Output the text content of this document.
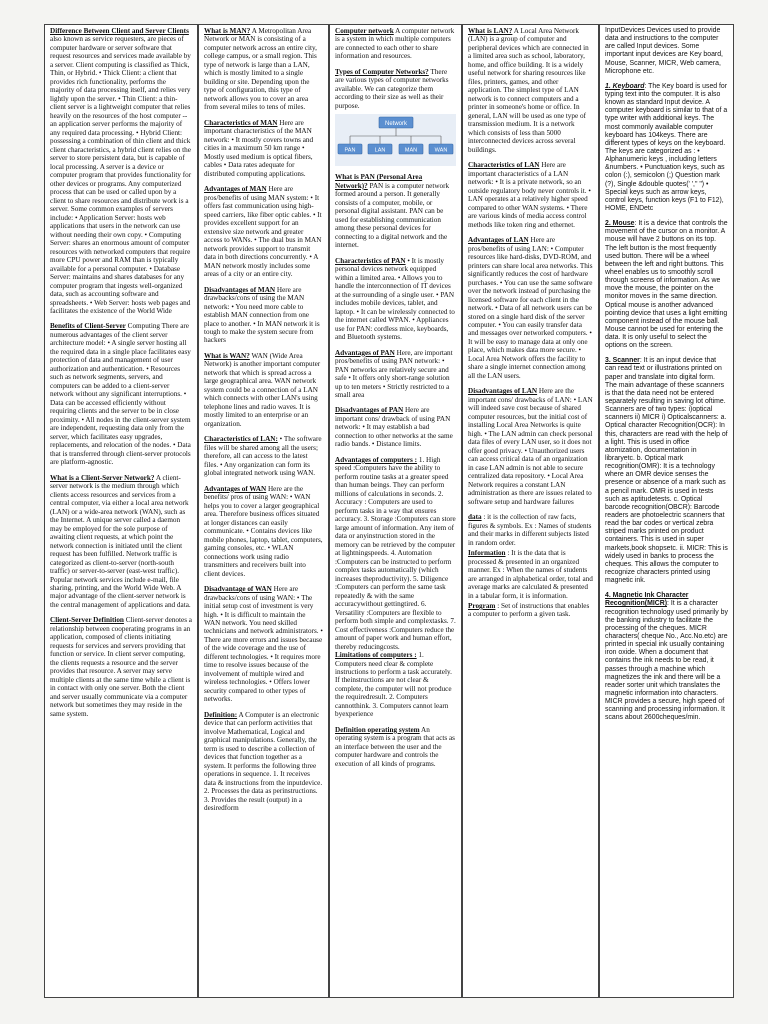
Difference Between Client and Server Clients also known as service requesters, are pieces of computer hardware or server software that request resources and services made available by a server. Client computing is classified as Thick, Thin, or Hybrid. • Thick Client: a client that provides rich functionality, performs the majority of data processing itself, and relies very lightly upon the server. • Thin Client: a thin-client server is a lightweight computer that relies heavily on the resources of the host computer -- an application server performs the majority of any required data processing. • Hybrid Client: possessing a combination of thin client and thick client characteristics, a hybrid client relies on the server to store persistent data, but is capable of local processing. A server is a device or computer program that provides functionality for other devices or programs. Any computerized process that can be used or called upon by a client to share resources and distribute work is a server. Some common examples of servers include: • Application Server: hosts web applications that users in the network can use without needing their own copy. • Computing Server: shares an enormous amount of computer resources with networked computers that require more CPU power and RAM than is typically available for a personal computer. • Database Server: maintains and shares databases for any computer program that ingests well-organized data, such as accounting software and spreadsheets. • Web Server: hosts web pages and facilitates the existence of the World Wide
Benefits of Client-Server Computing There are numerous advantages of the client server architecture model: • A single server hosting all the required data in a single place facilitates easy protection of data and management of user authorization and authentication. • Resources such as network segments, servers, and computers can be added to a client-server network without any significant interruptions. • Data can be accessed efficiently without requiring clients and the server to be in close proximity. • All nodes in the client-server system are independent, requesting data only from the server, which facilitates easy upgrades, replacements, and relocation of the nodes. • Data that is transferred through client-server protocols are platform-agnostic.
What is a Client-Server Network? A client-server network is the medium through which clients access resources and services from a central computer, via either a local area network (LAN) or a wide-area network (WAN), such as the Internet. A unique server called a daemon may be employed for the sole purpose of awaiting client requests, at which point the network connection is initiated until the client request has been fulfilled. Network traffic is categorized as client-to-server (north-south traffic) or server-to-server (east-west traffic). Popular network services include e-mail, file sharing, printing, and the World Wide Web. A major advantage of the client-server network is the central management of applications and data.
Client-Server Definition Client-server denotes a relationship between cooperating programs in an application, composed of clients initiating requests for services and servers providing that function or service. In client server computing, the clients requests a resource and the server provides that resource. A server may serve multiple clients at the same time while a client is in contact with only one server. Both the client and server usually communicate via a computer network but sometimes they may reside in the same system.
What is MAN? A Metropolitan Area Network or MAN is consisting of a computer network across an entire city, college campus, or a small region. This type of network is large than a LAN, which is mostly limited to a single building or site. Depending upon the type of configuration, this type of network allows you to cover an area from several miles to tens of miles.
Characteristics of MAN Here are important characteristics of the MAN network: • It mostly covers towns and cities in a maximum 50 km range • Mostly used medium is optical fibers, cables • Data rates adequate for distributed computing applications.
Advantages of MAN Here are pros/benefits of using MAN system: • It offers fast communication using high-speed carriers, like fiber optic cables. • It provides excellent support for an extensive size network and greater access to WANs. • The dual bus in MAN network provides support to transmit data in both directions concurrently. • A MAN network mostly includes some areas of a city or an entire city.
Disadvantages of MAN Here are drawbacks/cons of using the MAN network: • You need more cable to establish MAN connection from one place to another. • In MAN network it is tough to make the system secure from hackers
What is WAN? WAN (Wide Area Network) is another important computer network that which is spread across a large geographical area. WAN network system could be a connection of a LAN which connects with other LAN's using telephone lines and radio waves. It is mostly limited to an enterprise or an organization.
Characteristics of LAN: • The software files will be shared among all the users; therefore, all can access to the latest files. • Any organization can form its global integrated network using WAN.
Advantages of WAN Here are the benefits/ pros of using WAN: • WAN helps you to cover a larger geographical area. Therefore business offices situated at longer distances can easily communicate. • Contains devices like mobile phones, laptop, tablet, computers, gaming consoles, etc. • WLAN connections work using radio transmitters and receivers built into client devices.
Disadvantage of WAN Here are drawbacks/cons of using WAN: • The initial setup cost of investment is very high. • It is difficult to maintain the WAN network. You need skilled technicians and network administrators. • There are more errors and issues because of the wide coverage and the use of different technologies. • It requires more time to resolve issues because of the involvement of multiple wired and wireless technologies. • Offers lower security compared to other types of networks.
Definition: A Computer is an electronic device that can perform activities that involve Mathematical, Logical and graphical manipulations. Generally, the term is used to describe a collection of devices that function together as a system. It performs the following three operations in sequence. 1. It receives data & instructions from the inputdevice. 2. Processes the data as perinstructions. 3. Provides the result (output) in a desiredform
Computer network A computer network is a system in which multiple computers are connected to each other to share information and resources.
Types of Computer Networks? There are various types of computer networks available. We can categorize them according to their size as well as their purpose.
Network
PAN	LAN	MAN	WAN
What is PAN (Personal Area Network)? PAN is a computer network formed around a person. It generally consists of a computer, mobile, or personal digital assistant. PAN can be used for establishing communication among these personal devices for connecting to a digital network and the internet.
Characteristics of PAN • It is mostly personal devices network equipped within a limited area. • Allows you to handle the interconnection of IT devices at the surrounding of a single user. • PAN includes mobile devices, tablet, and laptop. • It can be wirelessly connected to the internet called WPAN. • Appliances use for PAN: cordless mice, keyboards, and Bluetooth systems.
Advantages of PAN Here, are important pros/benefits of using PAN network: • PAN networks are relatively secure and safe • It offers only short-range solution up to ten meters • Strictly restricted to a small area
Disadvantages of PAN Here are important cons/ drawback of using PAN network: • It may establish a bad connection to other networks at the same radio bands. • Distance limits.
Advantages of computers : 1. High speed :Computers have the ability to perform routine tasks at a greater speed than human beings. They can perform millions of calculations in seconds. 2. Accuracy : Computers are used to perform tasks in a way that ensures accuracy. 3. Storage :Computers can store large amount of information. Any item of data or anyinstruction stored in the memory can be retrieved by the computer at lightningspeeds. 4. Automation :Computers can be instructed to perform complex tasks automatically (which increases theproductivity). 5. Diligence :Computers can perform the same task repeatedly & with the same accuracywithout gettingtired. 6. Versatility :Computers are flexible to perform both simple and complextasks. 7. Cost effectiveness :Computers reduce the amount of paper work and human effort, thereby reducingcosts.
Limitations of computers : 1. Computers need clear & complete instructions to perform a task accurately. If theinstructions are not clear & complete, the computer will not produce the requiredresult. 2. Computers cannotthink. 3. Computers cannot learn byexperience
Definition operating system An operating system is a program that acts as an interface between the user and the computer hardware and controls the execution of all kinds of programs.
What is LAN? A Local Area Network (LAN) is a group of computer and peripheral devices which are connected in a limited area such as school, laboratory, home, and office building. It is a widely useful network for sharing resources like files, printers, games, and other application. The simplest type of LAN network is to connect computers and a printer in someone's home or office. In general, LAN will be used as one type of transmission medium. It is a network which consists of less than 5000 interconnected devices across several buildings.
Characteristics of LAN Here are important characteristics of a LAN network: • It is a private network, so an outside regulatory body never controls it. • LAN operates at a relatively higher speed compared to other WAN systems. • There are various kinds of media access control methods like token ring and ethernet.
Advantages of LAN Here are pros/benefits of using LAN: • Computer resources like hard-disks, DVD-ROM, and printers can share local area networks. This significantly reduces the cost of hardware purchases. • You can use the same software over the network instead of purchasing the licensed software for each client in the network. • Data of all network users can be stored on a single hard disk of the server computer. • You can easily transfer data and messages over networked computers. • It will be easy to manage data at only one place, which makes data more secure. • Local Area Network offers the facility to share a single internet connection among all the LAN users.
Disadvantages of LAN Here are the important cons/ drawbacks of LAN: • LAN will indeed save cost because of shared computer resources, but the initial cost of installing Local Area Networks is quite high. • The LAN admin can check personal data files of every LAN user, so it does not offer good privacy. • Unauthorized users can access critical data of an organization in case LAN admin is not able to secure centralized data repository. • Local Area Network requires a constant LAN administration as there are issues related to software setup and hardware failures
data : it is the collection of raw facts, figures & symbols. Ex : Names of students and their marks in different subjects listed in random order.
Information : It is the data that is processed & presented in an organized manner. Ex : When the names of students are arranged in alphabetical order, total and average marks are calculated & presented in a tabular form, it is information.
Program : Set of instructions that enables a computer to perform a given task.
InputDevices Devices used to provide data and instructions to the computer are called Input devices. Some important input devices are Key board, Mouse, Scanner, MICR, Web camera, Microphone etc.
1. Keyboard: The Key board is used for typing text into the computer. It is also known as standard Input device. A computer keyboard is similar to that of a type writer with additional keys. The most commonly available computer keyboard has 104keys. There are different types of keys on the keyboard. The keys are categorized as : • Alphanumeric keys , including letters &numbers. • Punctuation keys, such as colon (:), semicolon (;) Question mark (?), Single &double quotes(' '," ") • Special keys such as arrow keys, control keys, function keys (F1 to F12), HOME, ENDetc
2. Mouse: It is a device that controls the movement of the cursor on a monitor. A mouse will have 2 buttons on its top. The left button is the most frequently used button. There will be a wheel between the left and right buttons. This wheel enables us to smoothly scroll through screens of information. As we move the mouse, the pointer on the monitor moves in the same direction. Optical mouse is another advanced pointing device that uses a light emitting component instead of the mouse ball. Mouse cannot be used for entering the data. It is only useful to select the options on the screen.
3. Scanner: It is an input device that can read text or illustrations printed on paper and translate into digital form. The main advantage of these scanners is that the data need not be entered separately resulting in saving lot oftime. Scanners are of two types: i)optical scanners ii) MICR i) Opticalscanners: a. Optical character Recognition(OCR): In this, characters are read with the help of a light. This is used in office atomization, documentation in libraryetc. b. Optical mark recognition(OMR): It is a technology where an OMR device senses the presence or absence of a mark such as a pencil mark. OMR is used in tests such as aptitudetests. c. Optical barcode recognition(OBCR): Barcode readers are photoelectric scanners that read the bar codes or vertical zebra striped marks printed on product containers. This is used in super markets,book shopsetc. ii. MICR: This is widely used in banks to process the cheques. This allows the computer to recognize characters printed using magnetic ink.
4. Magnetic Ink Character Recognition(MICR): It is a character recognition technology used primarily by the banking industry to facilitate the processing of the cheques. MICR characters( cheque No., Acc.No.etc) are printed in special ink usually containing iron oxide. When a document that contains the ink needs to be read, it passes through a machine which magnetizes the ink and there will be a reader sorter unit which translates the magnetic information into characters. MICR provides a secure, high speed of scanning and processing information. It scans about 2600cheques/min.
